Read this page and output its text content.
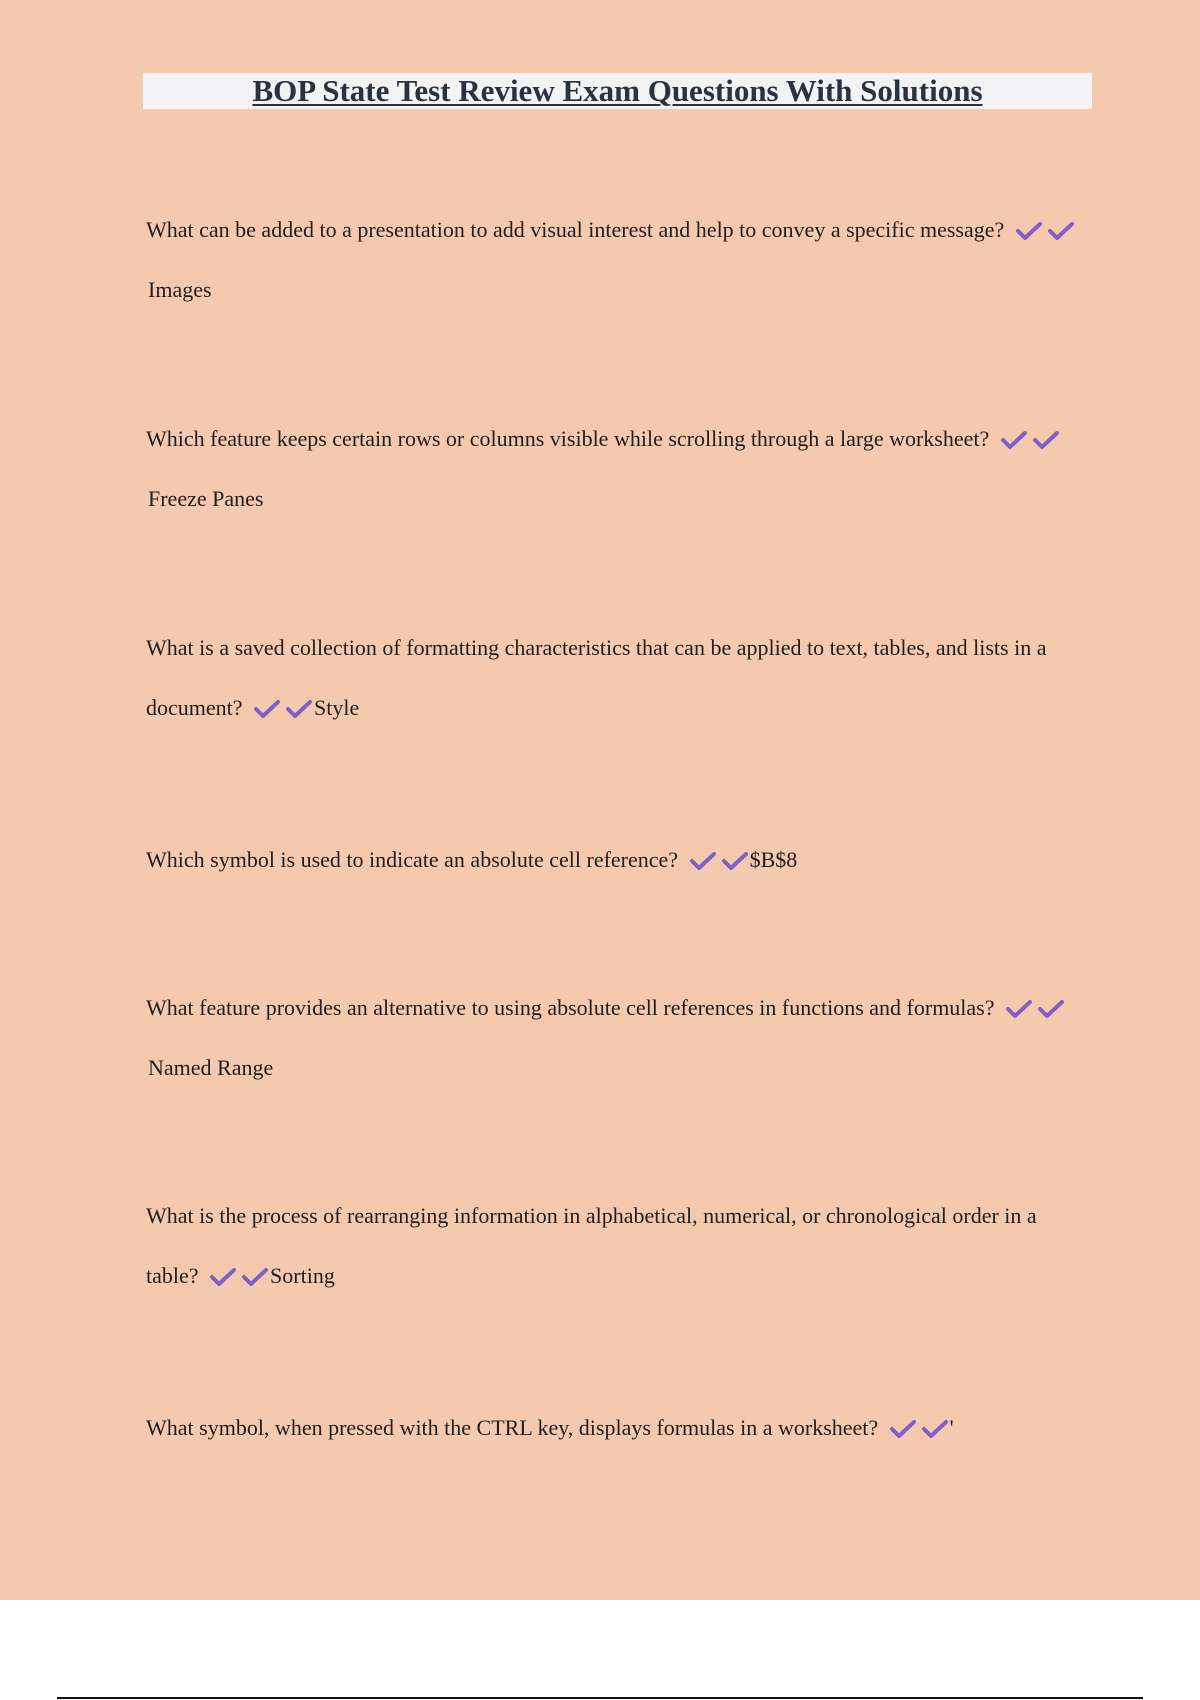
BOP State Test Review Exam Questions With Solutions
What can be added to a presentation to add visual interest and help to convey a specific message? Images
Which feature keeps certain rows or columns visible while scrolling through a large worksheet? Freeze Panes
What is a saved collection of formatting characteristics that can be applied to text, tables, and lists in a document?	Style
Which symbol is used to indicate an absolute cell reference?	$B$8
What feature provides an alternative to using absolute cell references in functions and formulas? Named Range
What is the process of rearranging information in alphabetical, numerical, or chronological order in a table?	Sorting
What symbol, when pressed with the CTRL key, displays formulas in a worksheet?	'
